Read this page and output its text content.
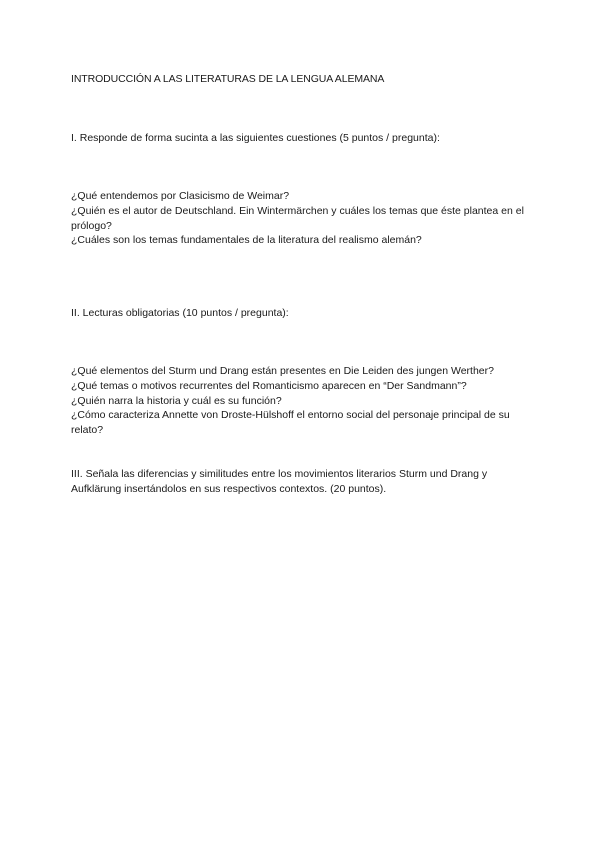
INTRODUCCIÓN A LAS LITERATURAS DE LA LENGUA ALEMANA
I. Responde de forma sucinta a las siguientes cuestiones (5 puntos / pregunta):
¿Qué entendemos por Clasicismo de Weimar?
¿Quién es el autor de Deutschland. Ein Wintermärchen y cuáles los temas que éste plantea en el prólogo?
¿Cuáles son los temas fundamentales de la literatura del realismo alemán?
II. Lecturas obligatorias (10 puntos / pregunta):
¿Qué elementos del Sturm und Drang están presentes en Die Leiden des jungen Werther?
¿Qué temas o motivos recurrentes del Romanticismo aparecen en “Der Sandmann”?
¿Quién narra la historia y cuál es su función?
¿Cómo caracteriza Annette von Droste-Hülshoff el entorno social del personaje principal de su relato?

III. Señala las diferencias y similitudes entre los movimientos literarios Sturm und Drang y Aufklärung insertándolos en sus respectivos contextos. (20 puntos).
